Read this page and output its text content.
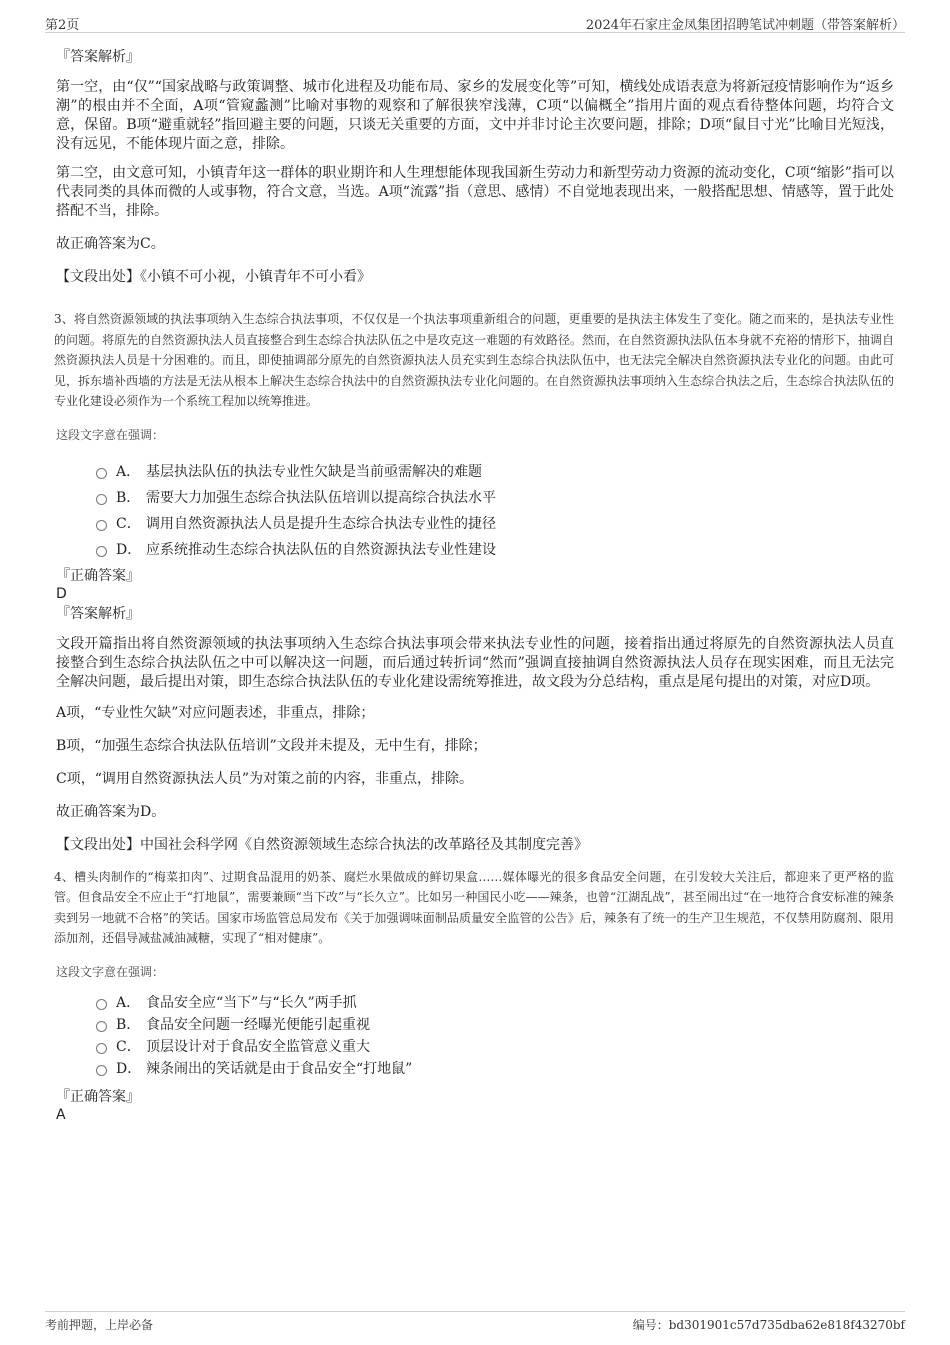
第2页	2024年石家庄金凤集团招聘笔试冲刺题（带答案解析）
『答案解析』
第一空，由“仅”“国家战略与政策调整、城市化进程及功能布局、家乡的发展变化等”可知，横线处成语表意为将新冠疫情影响作为“返乡潮”的根由并不全面，A项“管窥蠡测”比喻对事物的观察和了解很狭窄浅薄，C项“以偏概全”指用片面的观点看待整体问题，均符合文意，保留。B项“避重就轻”指回避主要的问题，只谈无关重要的方面，文中并非讨论主次要问题，排除；D项“鼠目寸光”比喻目光短浅，没有远见，不能体现片面之意，排除。
第二空，由文意可知，小镇青年这一群体的职业期许和人生理想能体现我国新生劳动力和新型劳动力资源的流动变化，C项“缩影”指可以代表同类的具体而微的人或事物，符合文意，当选。A项“流露”指（意思、感情）不自觉地表现出来，一般搭配思想、情感等，置于此处搭配不当，排除。
故正确答案为C。
【文段出处】《小镇不可小视，小镇青年不可小看》
3、将自然资源领域的执法事项纳入生态综合执法事项，不仅仅是一个执法事项重新组合的问题，更重要的是执法主体发生了变化。随之而来的，是执法专业性的问题。将原先的自然资源执法人员直接整合到生态综合执法队伍之中是攻克这一难题的有效路径。然而，在自然资源执法队伍本身就不充裕的情形下，抽调自然资源执法人员是十分困难的。而且，即使抽调部分原先的自然资源执法人员充实到生态综合执法队伍中，也无法完全解决自然资源执法专业化的问题。由此可见，拆东墙补西墙的方法是无法从根本上解决生态综合执法中的自然资源执法专业化问题的。在自然资源执法事项纳入生态综合执法之后，生态综合执法队伍的专业化建设必须作为一个系统工程加以统筹推进。
这段文字意在强调：
A． 基层执法队伍的执法专业性欠缺是当前亟需解决的难题
B． 需要大力加强生态综合执法队伍培训以提高综合执法水平
C． 调用自然资源执法人员是提升生态综合执法专业性的捷径
D． 应系统推动生态综合执法队伍的自然资源执法专业性建设
『正确答案』
D
『答案解析』
文段开篇指出将自然资源领域的执法事项纳入生态综合执法事项会带来执法专业性的问题，接着指出通过将原先的自然资源执法人员直接整合到生态综合执法队伍之中可以解决这一问题，而后通过转折词“然而”强调直接抽调自然资源执法人员存在现实困难，而且无法完全解决问题，最后提出对策，即生态综合执法队伍的专业化建设需统筹推进，故文段为分总结构，重点是尾句提出的对策，对应D项。
A项，“专业性欠缺”对应问题表述，非重点，排除；
B项，“加强生态综合执法队伍培训”文段并未提及，无中生有，排除；
C项，“调用自然资源执法人员”为对策之前的内容，非重点，排除。
故正确答案为D。
【文段出处】中国社会科学网《自然资源领域生态综合执法的改革路径及其制度完善》
4、槽头肉制作的“梅菜扣肉”、过期食品混用的奶茶、腐烂水果做成的鲜切果盒……媒体曝光的很多食品安全问题，在引发较大关注后，都迎来了更严格的监管。但食品安全不应止于“打地鼠”，需要兼顾“当下改”与“长久立”。比如另一种国民小吃——辣条，也曾“江湖乱战”，甚至闹出过“在一地符合食安标准的辣条卖到另一地就不合格”的笑话。国家市场监管总局发布《关于加强调味面制品质量安全监管的公告》后，辣条有了统一的生产卫生规范，不仅禁用防腐剂、限用添加剂，还倡导减盐减油减糖，实现了“相对健康”。
这段文字意在强调：
A． 食品安全应“当下”与“长久”两手抓
B． 食品安全问题一经曝光便能引起重视
C． 顶层设计对于食品安全监管意义重大
D． 辣条闹出的笑话就是由于食品安全“打地鼠”
『正确答案』
A
考前押题，上岸必备	编号：bd301901c57d735dba62e818f43270bf
